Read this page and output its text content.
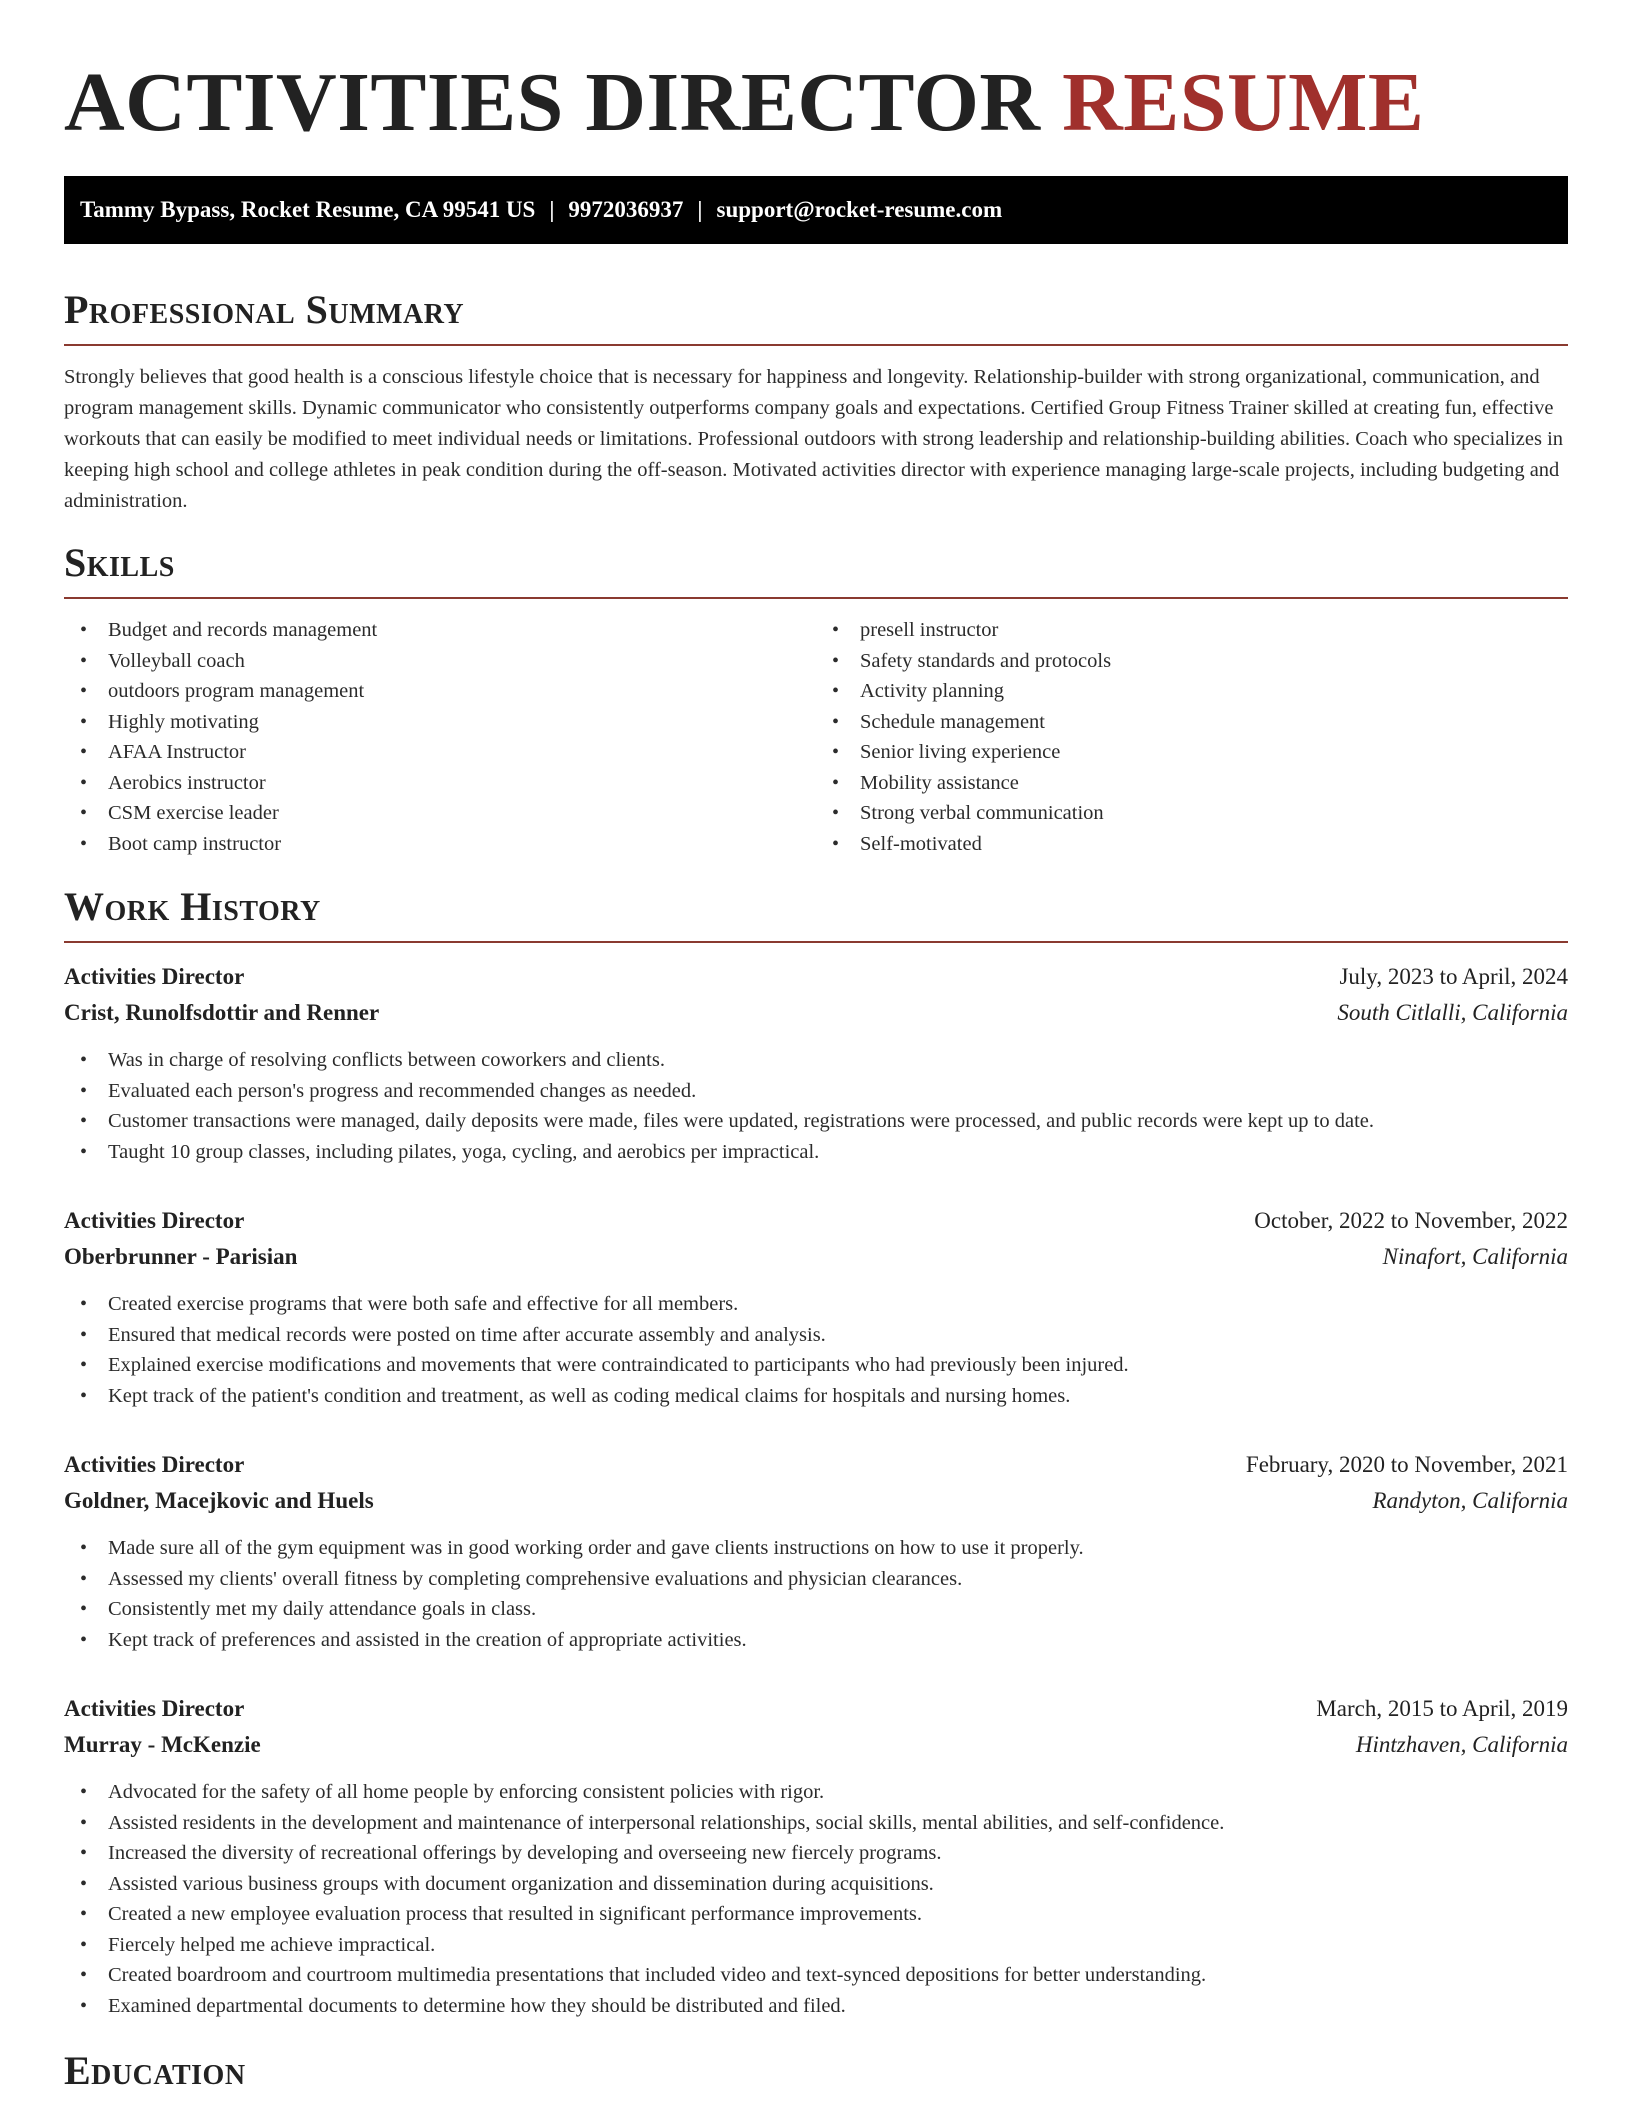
ACTIVITIES DIRECTOR RESUME
Tammy Bypass, Rocket Resume, CA 99541 US | 9972036937 | support@rocket-resume.com
Professional Summary

Strongly believes that good health is a conscious lifestyle choice that is necessary for happiness and longevity. Relationship-builder with strong organizational, communication, and program management skills. Dynamic communicator who consistently outperforms company goals and expectations. Certified Group Fitness Trainer skilled at creating fun, effective workouts that can easily be modified to meet individual needs or limitations. Professional outdoors with strong leadership and relationship-building abilities. Coach who specializes in keeping high school and college athletes in peak condition during the off-season. Motivated activities director with experience managing large-scale projects, including budgeting and administration.

Skills
• Budget and records management
• Volleyball coach
• outdoors program management
• Highly motivating
• AFAA Instructor
• Aerobics instructor
• CSM exercise leader
• Boot camp instructor
• presell instructor
• Safety standards and protocols
• Activity planning
• Schedule management
• Senior living experience
• Mobility assistance
• Strong verbal communication
• Self-motivated
Work History
Activities Director	July, 2023 to April, 2024
Crist, Runolfsdottir and Renner	South Citlalli, California
• Was in charge of resolving conflicts between coworkers and clients.
• Evaluated each person's progress and recommended changes as needed.
• Customer transactions were managed, daily deposits were made, files were updated, registrations were processed, and public records were kept up to date.
• Taught 10 group classes, including pilates, yoga, cycling, and aerobics per impractical.
Activities Director	October, 2022 to November, 2022
Oberbrunner - Parisian	Ninafort, California
• Created exercise programs that were both safe and effective for all members.
• Ensured that medical records were posted on time after accurate assembly and analysis.
• Explained exercise modifications and movements that were contraindicated to participants who had previously been injured.
• Kept track of the patient's condition and treatment, as well as coding medical claims for hospitals and nursing homes.
Activities Director	February, 2020 to November, 2021
Goldner, Macejkovic and Huels	Randyton, California
• Made sure all of the gym equipment was in good working order and gave clients instructions on how to use it properly.
• Assessed my clients' overall fitness by completing comprehensive evaluations and physician clearances.
• Consistently met my daily attendance goals in class.
• Kept track of preferences and assisted in the creation of appropriate activities.
Activities Director	March, 2015 to April, 2019
Murray - McKenzie	Hintzhaven, California
• Advocated for the safety of all home people by enforcing consistent policies with rigor.
• Assisted residents in the development and maintenance of interpersonal relationships, social skills, mental abilities, and self-confidence.
• Increased the diversity of recreational offerings by developing and overseeing new fiercely programs.
• Assisted various business groups with document organization and dissemination during acquisitions.
• Created a new employee evaluation process that resulted in significant performance improvements.
• Fiercely helped me achieve impractical.
• Created boardroom and courtroom multimedia presentations that included video and text-synced depositions for better understanding.
• Examined departmental documents to determine how they should be distributed and filed.
Education
